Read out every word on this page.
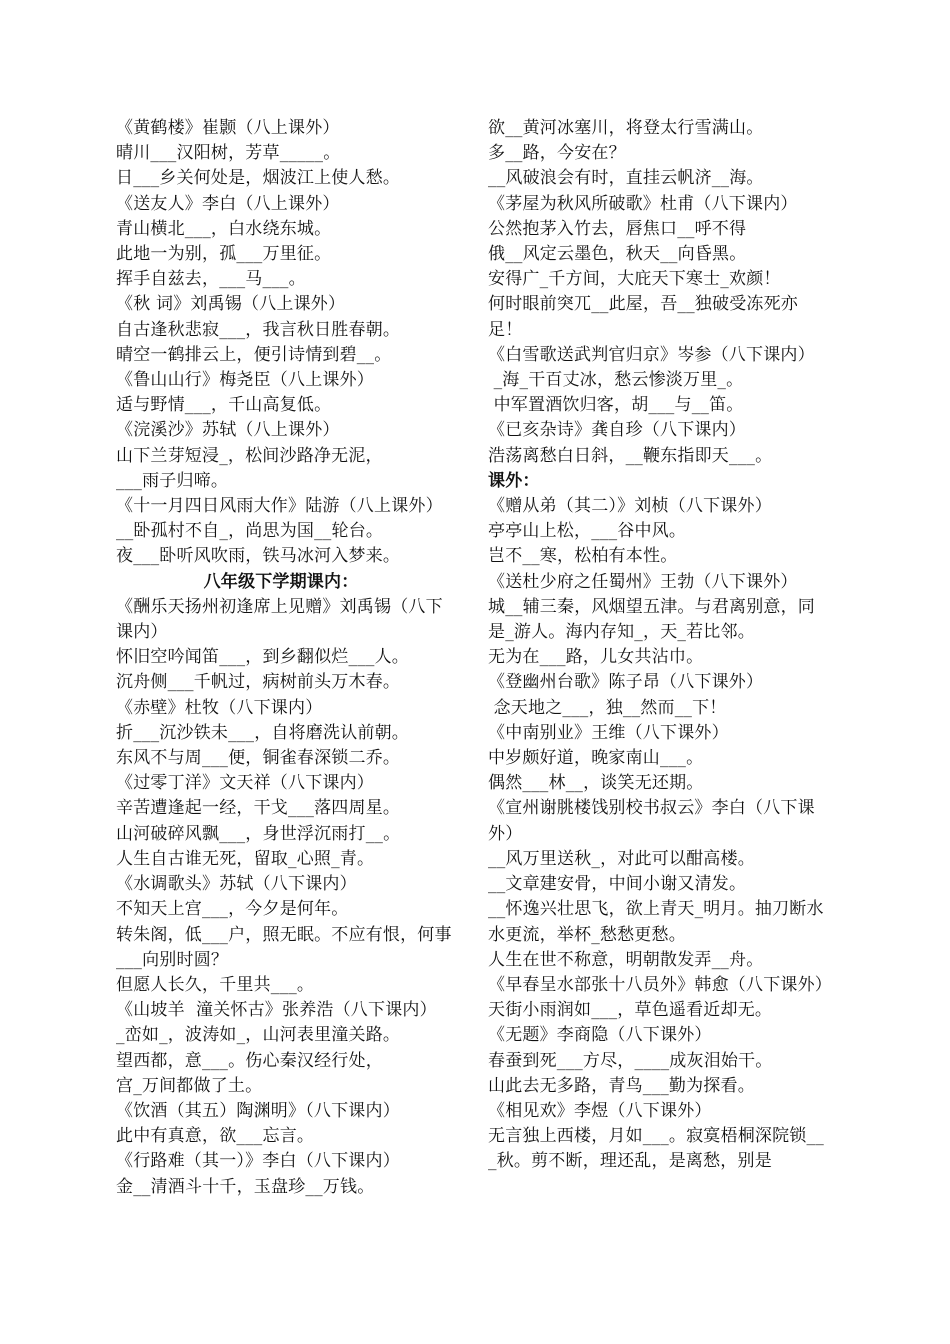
《黄鹤楼》崔颢（八上课外）
晴川___汉阳树，芳草_____。
日___乡关何处是，烟波江上使人愁。
《送友人》李白（八上课外）
青山横北___，白水绕东城。
此地一为别，孤___万里征。
挥手自兹去，___马___。
《秋 词》刘禹锡（八上课外）
自古逢秋悲寂___，我言秋日胜春朝。
晴空一鹤排云上，便引诗情到碧__。
《鲁山山行》梅尧臣（八上课外）
适与野情___，千山高复低。
《浣溪沙》苏轼（八上课外）
山下兰芽短浸_，松间沙路净无泥，
___雨子归啼。
《十一月四日风雨大作》陆游（八上课外）
__卧孤村不自_，尚思为国__轮台。
夜___卧听风吹雨，铁马冰河入梦来。
八年级下学期课内：
《酬乐天扬州初逢席上见赠》刘禹锡（八下课内）
怀旧空吟闻笛___，到乡翻似烂___人。
沉舟侧___千帆过，病树前头万木春。
《赤壁》杜牧（八下课内）
折___沉沙铁未___，自将磨洗认前朝。
东风不与周___便，铜雀春深锁二乔。
《过零丁洋》文天祥（八下课内）
辛苦遭逢起一经，干戈___落四周星。
山河破碎风飘___，身世浮沉雨打__。
人生自古谁无死，留取_心照_青。
《水调歌头》苏轼（八下课内）
不知天上宫___，今夕是何年。
转朱阁，低___户，照无眠。不应有恨，何事___向别时圆？
但愿人长久，千里共___。
《山坡羊  潼关怀古》张养浩（八下课内）
_峦如_，波涛如_，山河表里潼关路。
望西都，意___。伤心秦汉经行处，
宫_万间都做了土。
《饮酒（其五）陶渊明》（八下课内）
此中有真意，欲___忘言。
《行路难（其一）》李白（八下课内）
金__清酒斗十千，玉盘珍__万钱。
欲__黄河冰塞川，将登太行雪满山。
多__路，今安在？
__风破浪会有时，直挂云帆济__海。
《茅屋为秋风所破歌》杜甫（八下课内）
公然抱茅入竹去，唇焦口__呼不得
俄__风定云墨色，秋天__向昏黑。
安得广_千方间，大庇天下寒士_欢颜！
何时眼前突兀__此屋，吾__独破受冻死亦足！
《白雪歌送武判官归京》岑参（八下课内）
_海_干百丈冰，愁云惨淡万里_。
中军置酒饮归客，胡___与__笛。
《已亥杂诗》龚自珍（八下课内）
浩荡离愁白日斜，__鞭东指即天___。
课外：
《赠从弟（其二）》刘桢（八下课外）
亭亭山上松，___谷中风。
岂不__寒，松柏有本性。
《送杜少府之任蜀州》王勃（八下课外）
城__辅三秦，风烟望五津。与君离别意，同是_游人。海内存知_，天_若比邻。
无为在___路，儿女共沾巾。
《登幽州台歌》陈子昂（八下课外）
念天地之___，独__然而__下！
《中南别业》王维（八下课外）
中岁颇好道，晚家南山___。
偶然___林__，谈笑无还期。
《宣州谢朓楼饯别校书叔云》李白（八下课外）
__风万里送秋_，对此可以酣高楼。
__文章建安骨，中间小谢又清发。
__怀逸兴壮思飞，欲上青天_明月。抽刀断水水更流，举杯_愁愁更愁。
人生在世不称意，明朝散发弄__舟。
《早春呈水部张十八员外》韩愈（八下课外）
天街小雨润如___，草色遥看近却无。
《无题》李商隐（八下课外）
春蚕到死___方尽，____成灰泪始干。
山此去无多路，青鸟___勤为探看。
《相见欢》李煜（八下课外）
无言独上西楼，月如___。寂寞梧桐深院锁___秋。剪不断，理还乱，是离愁，别是
